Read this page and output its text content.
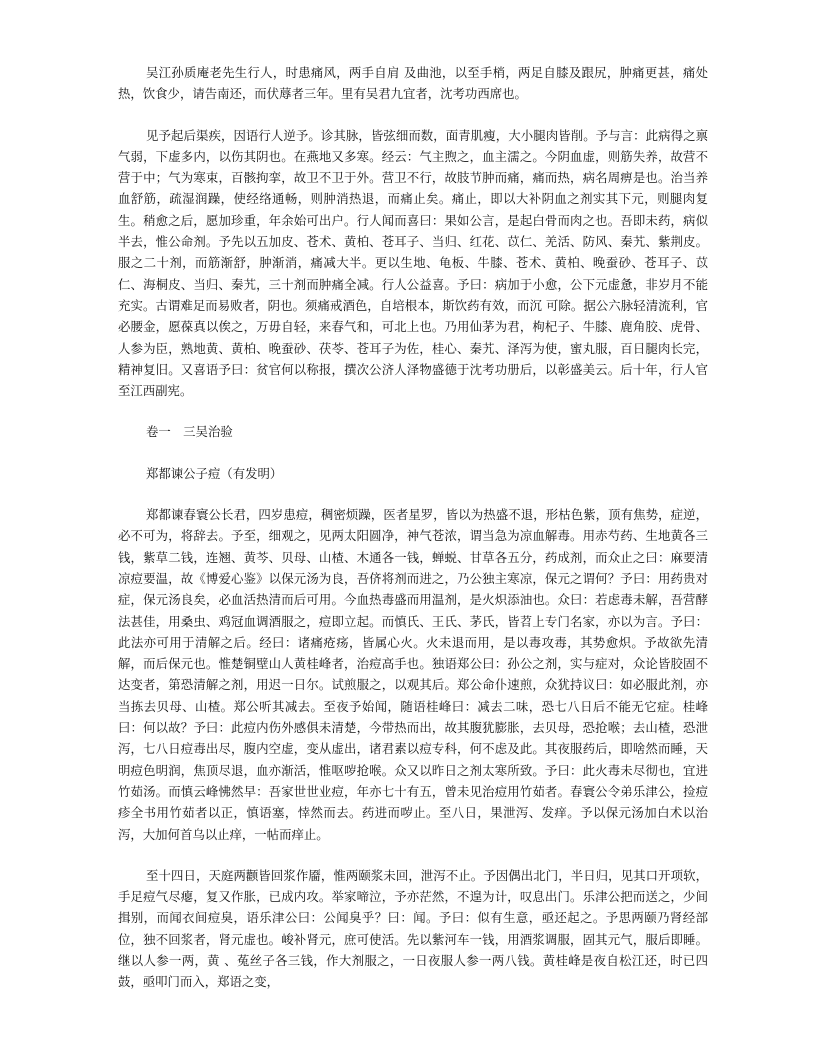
吴江孙质庵老先生行人，时患痛风，两手自肩 及曲池，以至手梢，两足自膝及跟尻，肿痛更甚，痛处热，饮食少，请告南还，而伏蓐者三年。里有吴君九宜者，沈考功西席也。

见予起后渠疾，因语行人逆予。诊其脉，皆弦细而数，面青肌瘦，大小腿肉皆削。予与言：此病得之禀气弱，下虚多内，以伤其阴也。在燕地又多寒。经云：气主煦之，血主濡之。今阴血虚，则筋失养，故营不营于中；气为寒束，百骸拘挛，故卫不卫于外。营卫不行，故肢节肿而痛，痛而热，病名周痹是也。治当养血舒筋，疏湿润躁，使经络通畅，则肿消热退，而痛止矣。痛止，即以大补阴血之剂实其下元，则腿肉复生。稍愈之后，愿加珍重，年余始可出户。行人闻而喜曰：果如公言，是起白骨而肉之也。吾即未药，病似半去，惟公命剂。予先以五加皮、苍术、黄柏、苍耳子、当归、红花、苡仁、羌活、防风、秦艽、紫荆皮。服之二十剂，而筋渐舒，肿渐消，痛减大半。更以生地、龟板、牛膝、苍术、黄柏、晚蚕砂、苍耳子、苡仁、海桐皮、当归、秦艽，三十剂而肿痛全减。行人公益喜。予曰：病加于小愈，公下元虚惫，非岁月不能充实。古谓难足而易败者，阴也。须痛戒酒色，自培根本，斯饮药有效，而沉 可除。据公六脉轻清流利，官必腰金，愿葆真以俟之，万毋自轻，来春气和，可北上也。乃用仙茅为君，枸杞子、牛膝、鹿角胶、虎骨、人参为臣，熟地黄、黄柏、晚蚕砂、茯苓、苍耳子为佐，桂心、秦艽、泽泻为使，蜜丸服，百日腿肉长完，精神复旧。又喜语予曰：贫官何以称报，撰次公济人泽物盛德于沈考功册后，以彰盛美云。后十年，行人官至江西副宪。

卷一　三吴治验
郑都谏公子痘（有发明）

郑都谏春寰公长君，四岁患痘，稠密烦躁，医者星罗，皆以为热盛不退，形枯色紫，顶有焦势，症逆，必不可为，将辞去。予至，细观之，见两太阳圆净，神气苍浓，谓当急为凉血解毒。用赤芍药、生地黄各三钱，紫草二钱，连翘、黄芩、贝母、山楂、木通各一钱，蝉蜕、甘草各五分，药成剂，而众止之曰：麻要清凉痘要温，故《博爱心鉴》以保元汤为良，吾侪将剂而进之，乃公独主寒凉，保元之谓何？予曰：用药贵对症，保元汤良矣，必血活热清而后可用。今血热毒盛而用温剂，是火炽添油也。众曰：若虑毒未解，吾营酵法甚佳，用桑虫、鸡冠血调酒服之，痘即立起。而慎氏、王氏、茅氏，皆苕上专门名家，亦以为言。予曰：此法亦可用于清解之后。经曰：诸痛疮疡，皆属心火。火未退而用，是以毒攻毒，其势愈炽。予故欲先清解，而后保元也。惟楚铜壁山人黄桂峰者，治痘高手也。独语郑公曰：孙公之剂，实与症对，众论皆胶固不达变者，第恐清解之剂，用迟一日尔。试煎服之，以观其后。郑公命仆速煎，众犹持议曰：如必服此剂，亦当拣去贝母、山楂。郑公听其减去。至夜予始闻，随语桂峰曰：减去二味，恐七八日后不能无它症。桂峰曰：何以故？予曰：此痘内伤外感俱未清楚，今带热而出，故其腹犹膨胀，去贝母，恐抢喉；去山楂，恐泄泻，七八日痘毒出尽，腹内空虚，变从虚出，诸君素以痘专科，何不虑及此。其夜服药后，即啥然而睡，天明痘色明润，焦顶尽退，血亦渐活，惟呕哕抢喉。众又以昨日之剂太寒所致。予曰：此火毒未尽彻也，宜进竹茹汤。而慎云峰怫然早：吾家世世业痘，年亦七十有五，曾未见治痘用竹茹者。春寰公令弟乐津公，捡痘疹全书用竹茹者以正，慎语塞，悻然而去。药进而哕止。至八日，果泄泻、发痒。予以保元汤加白术以治泻，大加何首乌以止痒，一帖而痒止。

至十四日，天庭两颧皆回浆作靥，惟两颐浆未回，泄泻不止。予因偶出北门，半日归，见其口开项软，手足痘气尽瘪，复又作胀，已成内攻。举家啼泣，予亦茫然，不遑为计，叹息出门。乐津公把而送之，少间揖别，而闻衣间痘臭，语乐津公曰：公闻臭乎？曰：闻。予曰：似有生意，亟还起之。予思两颐乃肾经部位，独不回浆者，肾元虚也。峻补肾元，庶可使活。先以紫河车一钱，用酒浆调服，固其元气，服后即睡。继以人参一两，黄 、菟丝子各三钱，作大剂服之，一日夜服人参一两八钱。黄桂峰是夜自松江还，时已四鼓，亟叩门而入，郑语之变，
